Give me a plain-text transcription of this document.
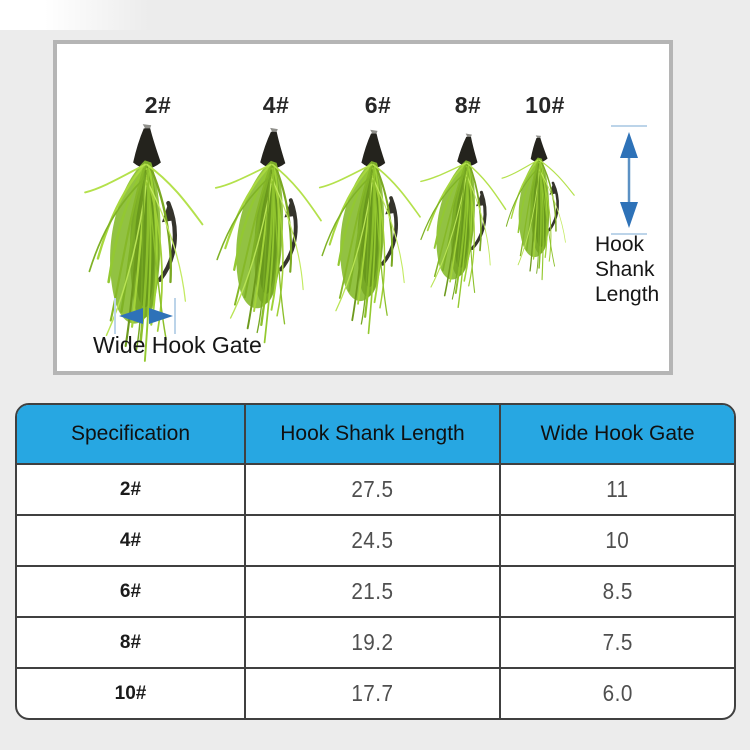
2#	4#	6#	8# 10#
Hook Shank Length
Wide Hook Gate
Specification	Hook Shank Length	Wide Hook Gate
2#	27.5	11
4#	24.5	10
6#	21.5	8.5
8#	19.2	7.5
10#	17.7	6.0
